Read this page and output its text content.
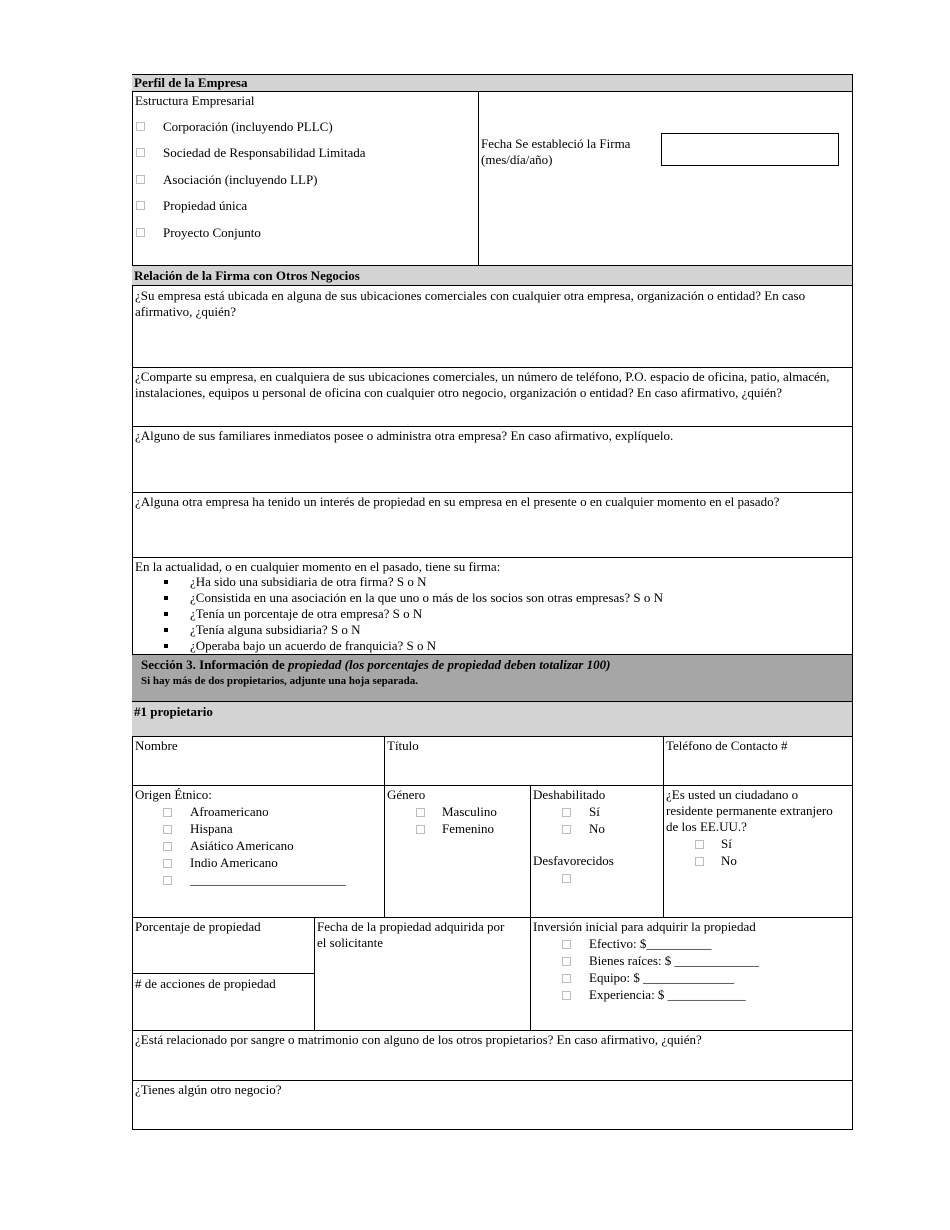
Perfil de la Empresa
Estructura Empresarial
Corporación (incluyendo PLLC)
Sociedad de Responsabilidad Limitada
Asociación (incluyendo LLP)
Propiedad única
Proyecto Conjunto
Fecha Se estableció la Firma
(mes/día/año)
Relación de la Firma con Otros Negocios
¿Su empresa está ubicada en alguna de sus ubicaciones comerciales con cualquier otra empresa, organización o entidad? En caso afirmativo, ¿quién?
¿Comparte su empresa, en cualquiera de sus ubicaciones comerciales, un número de teléfono, P.O. espacio de oficina, patio, almacén, instalaciones, equipos u personal de oficina con cualquier otro negocio, organización o entidad? En caso afirmativo, ¿quién?
¿Alguno de sus familiares inmediatos posee o administra otra empresa? En caso afirmativo, explíquelo.
¿Alguna otra empresa ha tenido un interés de propiedad en su empresa en el presente o en cualquier momento en el pasado?
En la actualidad, o en cualquier momento en el pasado, tiene su firma:
¿Ha sido una subsidiaria de otra firma? S o N
¿Consistida en una asociación en la que uno o más de los socios son otras empresas? S o N
¿Tenía un porcentaje de otra empresa? S o N
¿Tenía alguna subsidiaria? S o N
¿Operaba bajo un acuerdo de franquicia? S o N
Sección 3. Información de propiedad (los porcentajes de propiedad deben totalizar 100)
Si hay más de dos propietarios, adjunte una hoja separada.
#1 propietario
Nombre	Título	Teléfono de Contacto #
Origen Étnico:
Afroamericano
Hispana
Asiático Americano
Indio Americano
________________________
Género
Masculino
Femenino
Deshabilitado
Sí
No
Desfavorecidos
¿Es usted un ciudadano o
residente permanente extranjero
de los EE.UU.?
Sí
No
Porcentaje de propiedad
# de acciones de propiedad
Fecha de la propiedad adquirida por
el solicitante
Inversión inicial para adquirir la propiedad
Efectivo: $__________
Bienes raíces: $ _____________
Equipo: $ ______________
Experiencia: $ ____________
¿Está relacionado por sangre o matrimonio con alguno de los otros propietarios? En caso afirmativo, ¿quién?
¿Tienes algún otro negocio?
